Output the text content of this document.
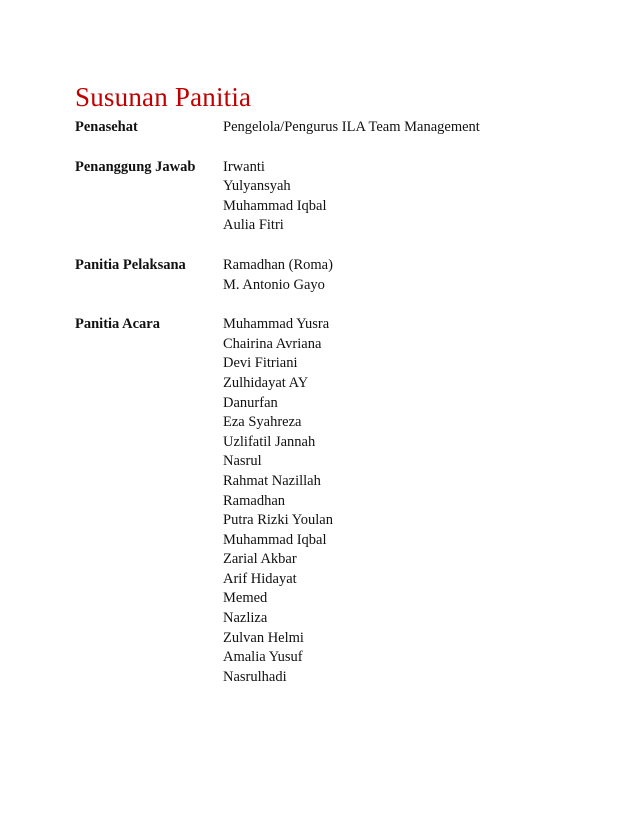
Susunan Panitia
Penasehat	Pengelola/Pengurus ILA Team Management
Penanggung Jawab	Irwanti
Yulyansyah
Muhammad Iqbal
Aulia Fitri
Panitia Pelaksana	Ramadhan (Roma)
M. Antonio Gayo
Panitia Acara	Muhammad Yusra
Chairina Avriana
Devi Fitriani
Zulhidayat AY
Danurfan
Eza Syahreza
Uzlifatil Jannah
Nasrul
Rahmat Nazillah
Ramadhan
Putra Rizki Youlan
Muhammad Iqbal
Zarial Akbar
Arif Hidayat
Memed
Nazliza
Zulvan Helmi
Amalia Yusuf
Nasrulhadi
